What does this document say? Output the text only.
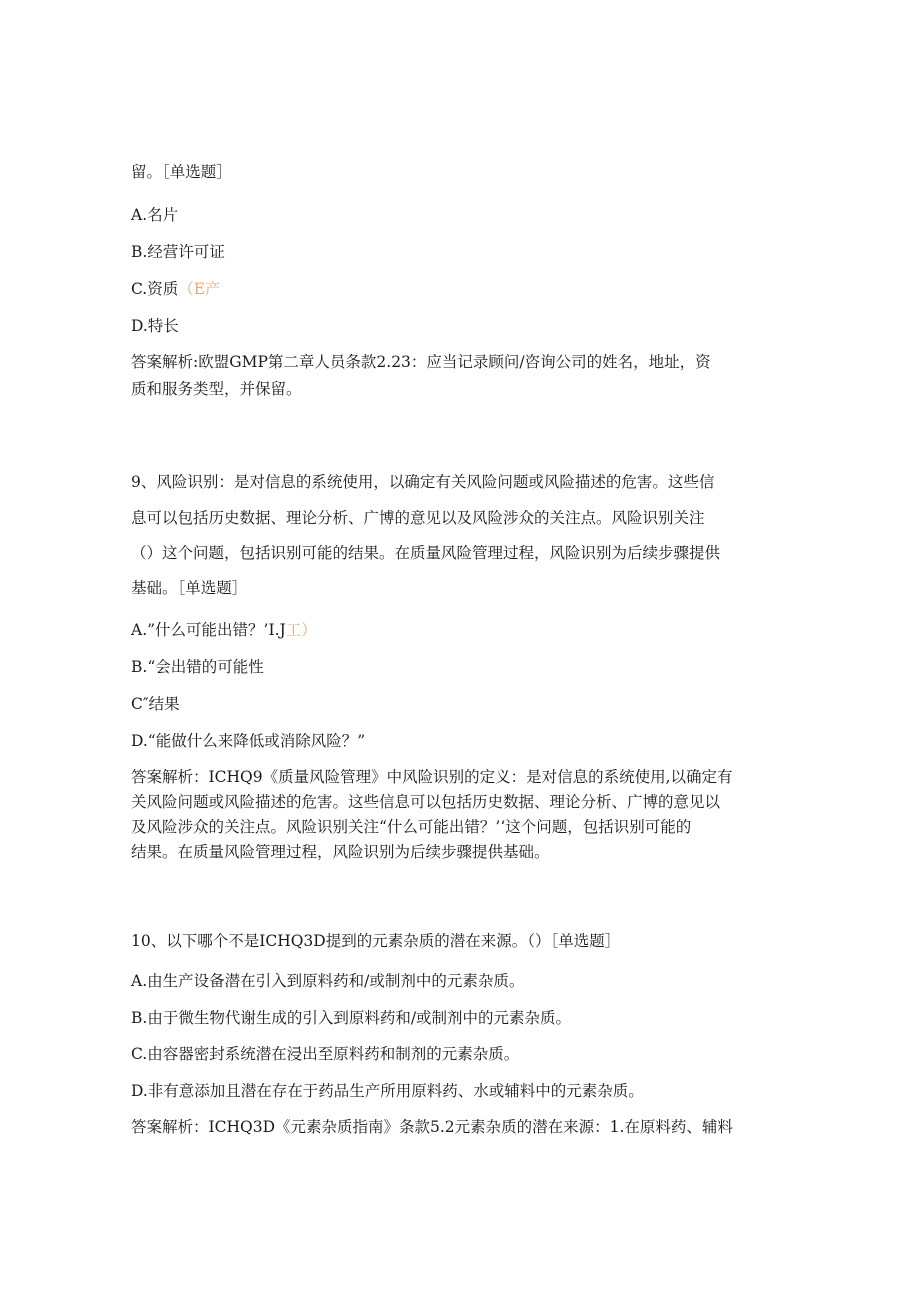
留。［单选题］
A.名片
B.经营许可证
C.资质（E产
D.特长
答案解析:欧盟GMP第二章人员条款2.23：应当记录顾问/咨询公司的姓名，地址，资
质和服务类型，并保留。
9、风险识别：是对信息的系统使用，以确定有关风险问题或风险描述的危害。这些信
息可以包括历史数据、理论分析、广博的意见以及风险涉众的关注点。风险识别关注
（）这个问题，包括识别可能的结果。在质量风险管理过程，风险识别为后续步骤提供
基础。［单选题］
A.”什么可能出错？’I.J工）
B.“会出错的可能性
C″结果
D.“能做什么来降低或消除风险？”
答案解析：ICHQ9《质量风险管理》中风险识别的定义：是对信息的系统使用,以确定有
关风险问题或风险描述的危害。这些信息可以包括历史数据、理论分析、广博的意见以
及风险涉众的关注点。风险识别关注“什么可能出错？’‘这个问题，包括识别可能的
结果。在质量风险管理过程，风险识别为后续步骤提供基础。
10、以下哪个不是ICHQ3D提到的元素杂质的潜在来源。（）［单选题］
A.由生产设备潜在引入到原料药和/或制剂中的元素杂质。
B.由于微生物代谢生成的引入到原料药和/或制剂中的元素杂质。
C.由容器密封系统潜在浸出至原料药和制剂的元素杂质。
D.非有意添加且潜在存在于药品生产所用原料药、水或辅料中的元素杂质。
答案解析：ICHQ3D《元素杂质指南》条款5.2元素杂质的潜在来源：1.在原料药、辅料
